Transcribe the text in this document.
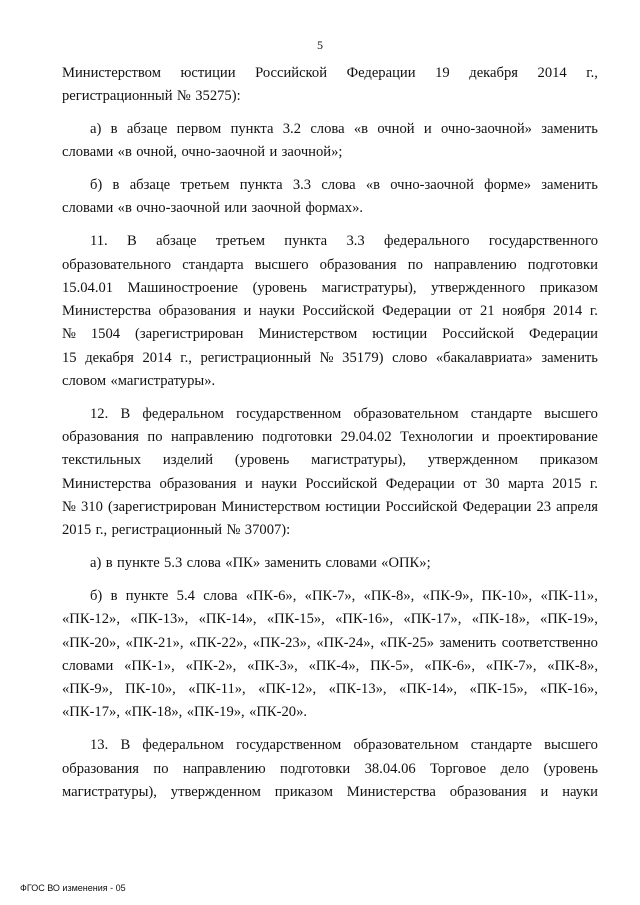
5
Министерством юстиции Российской Федерации 19 декабря 2014 г.,
регистрационный № 35275):
а) в абзаце первом пункта 3.2 слова «в очной и очно-заочной» заменить
словами «в очной, очно-заочной и заочной»;
б) в абзаце третьем пункта 3.3 слова «в очно-заочной форме» заменить
словами «в очно-заочной или заочной формах».
11. В абзаце третьем пункта 3.3 федерального государственного
образовательного стандарта высшего образования по направлению подготовки
15.04.01 Машиностроение (уровень магистратуры), утвержденного приказом
Министерства образования и науки Российской Федерации от 21 ноября 2014 г.
№ 1504 (зарегистрирован Министерством юстиции Российской Федерации
15 декабря 2014 г., регистрационный № 35179) слово «бакалавриата» заменить
словом «магистратуры».
12. В федеральном государственном образовательном стандарте высшего
образования по направлению подготовки 29.04.02 Технологии и проектирование
текстильных изделий (уровень магистратуры), утвержденном приказом
Министерства образования и науки Российской Федерации от 30 марта 2015 г.
№ 310 (зарегистрирован Министерством юстиции Российской Федерации 23 апреля
2015 г., регистрационный № 37007):
а) в пункте 5.3 слова «ПК» заменить словами «ОПК»;
б) в пункте 5.4 слова «ПК-6», «ПК-7», «ПК-8», «ПК-9», ПК-10», «ПК-11»,
«ПК-12», «ПК-13», «ПК-14», «ПК-15», «ПК-16», «ПК-17», «ПК-18», «ПК-19»,
«ПК-20», «ПК-21», «ПК-22», «ПК-23», «ПК-24», «ПК-25» заменить соответственно
словами «ПК-1», «ПК-2», «ПК-3», «ПК-4», ПК-5», «ПК-6», «ПК-7», «ПК-8»,
«ПК-9», ПК-10», «ПК-11», «ПК-12», «ПК-13», «ПК-14», «ПК-15», «ПК-16»,
«ПК-17», «ПК-18», «ПК-19», «ПК-20».
13. В федеральном государственном образовательном стандарте высшего
образования по направлению подготовки 38.04.06 Торговое дело (уровень
магистратуры), утвержденном приказом Министерства образования и науки
ФГОС ВО изменения - 05
